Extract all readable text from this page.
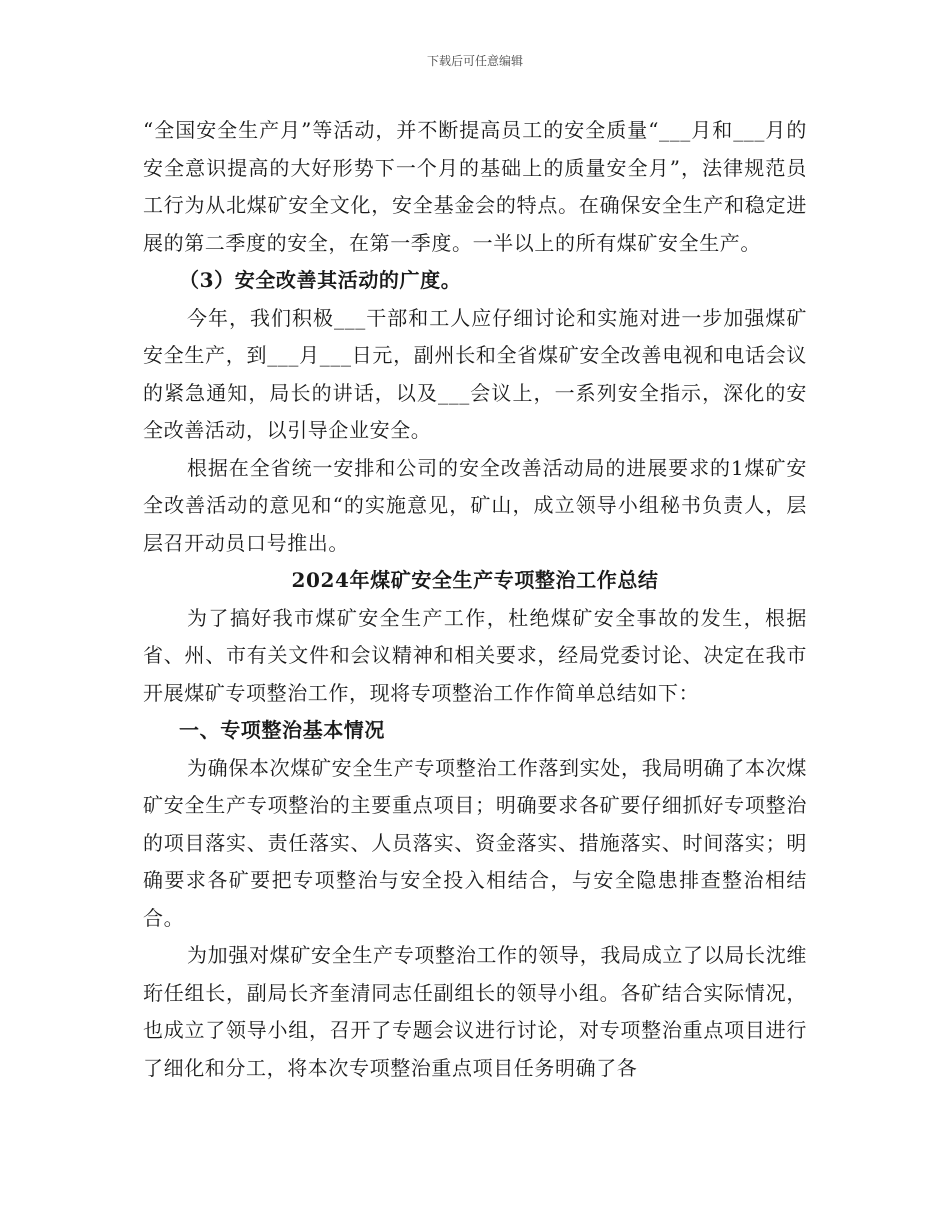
下载后可任意编辑

“全国安全生产月”等活动，并不断提高员工的安全质量“___月和___月的安全意识提高的大好形势下一个月的基础上的质量安全月”，法律规范员工行为从北煤矿安全文化，安全基金会的特点。在确保安全生产和稳定进展的第二季度的安全，在第一季度。一半以上的所有煤矿安全生产。

（3）安全改善其活动的广度。

今年，我们积极___干部和工人应仔细讨论和实施对进一步加强煤矿安全生产，到___月___日元，副州长和全省煤矿安全改善电视和电话会议的紧急通知，局长的讲话，以及___会议上，一系列安全指示，深化的安全改善活动，以引导企业安全。

根据在全省统一安排和公司的安全改善活动局的进展要求的1煤矿安全改善活动的意见和“的实施意见，矿山，成立领导小组秘书负责人，层层召开动员口号推出。

2024年煤矿安全生产专项整治工作总结

为了搞好我市煤矿安全生产工作，杜绝煤矿安全事故的发生，根据省、州、市有关文件和会议精神和相关要求，经局党委讨论、决定在我市开展煤矿专项整治工作，现将专项整治工作作简单总结如下：

一、专项整治基本情况

为确保本次煤矿安全生产专项整治工作落到实处，我局明确了本次煤矿安全生产专项整治的主要重点项目；明确要求各矿要仔细抓好专项整治的项目落实、责任落实、人员落实、资金落实、措施落实、时间落实；明确要求各矿要把专项整治与安全投入相结合，与安全隐患排查整治相结合。

为加强对煤矿安全生产专项整治工作的领导，我局成立了以局长沈维珩任组长，副局长齐奎清同志任副组长的领导小组。各矿结合实际情况，也成立了领导小组，召开了专题会议进行讨论，对专项整治重点项目进行了细化和分工，将本次专项整治重点项目任务明确了各
